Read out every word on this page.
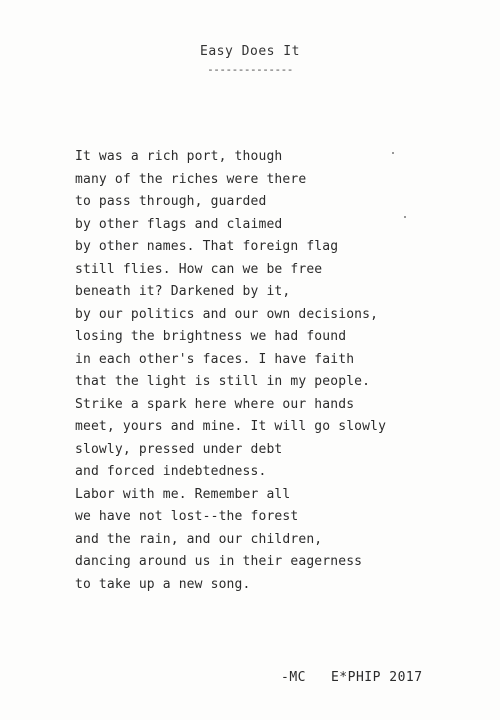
Easy Does It
--------------
It was a rich port, though
many of the riches were there
to pass through, guarded
by other flags and claimed
by other names. That foreign flag
still flies. How can we be free
beneath it? Darkened by it,
by our politics and our own decisions,
losing the brightness we had found
in each other's faces. I have faith
that the light is still in my people.
Strike a spark here where our hands
meet, yours and mine. It will go slowly
slowly, pressed under debt
and forced indebtedness.
Labor with me. Remember all
we have not lost--the forest
and the rain, and our children,
dancing around us in their eagerness
to take up a new song.
-MC   E*PHIP 2017
